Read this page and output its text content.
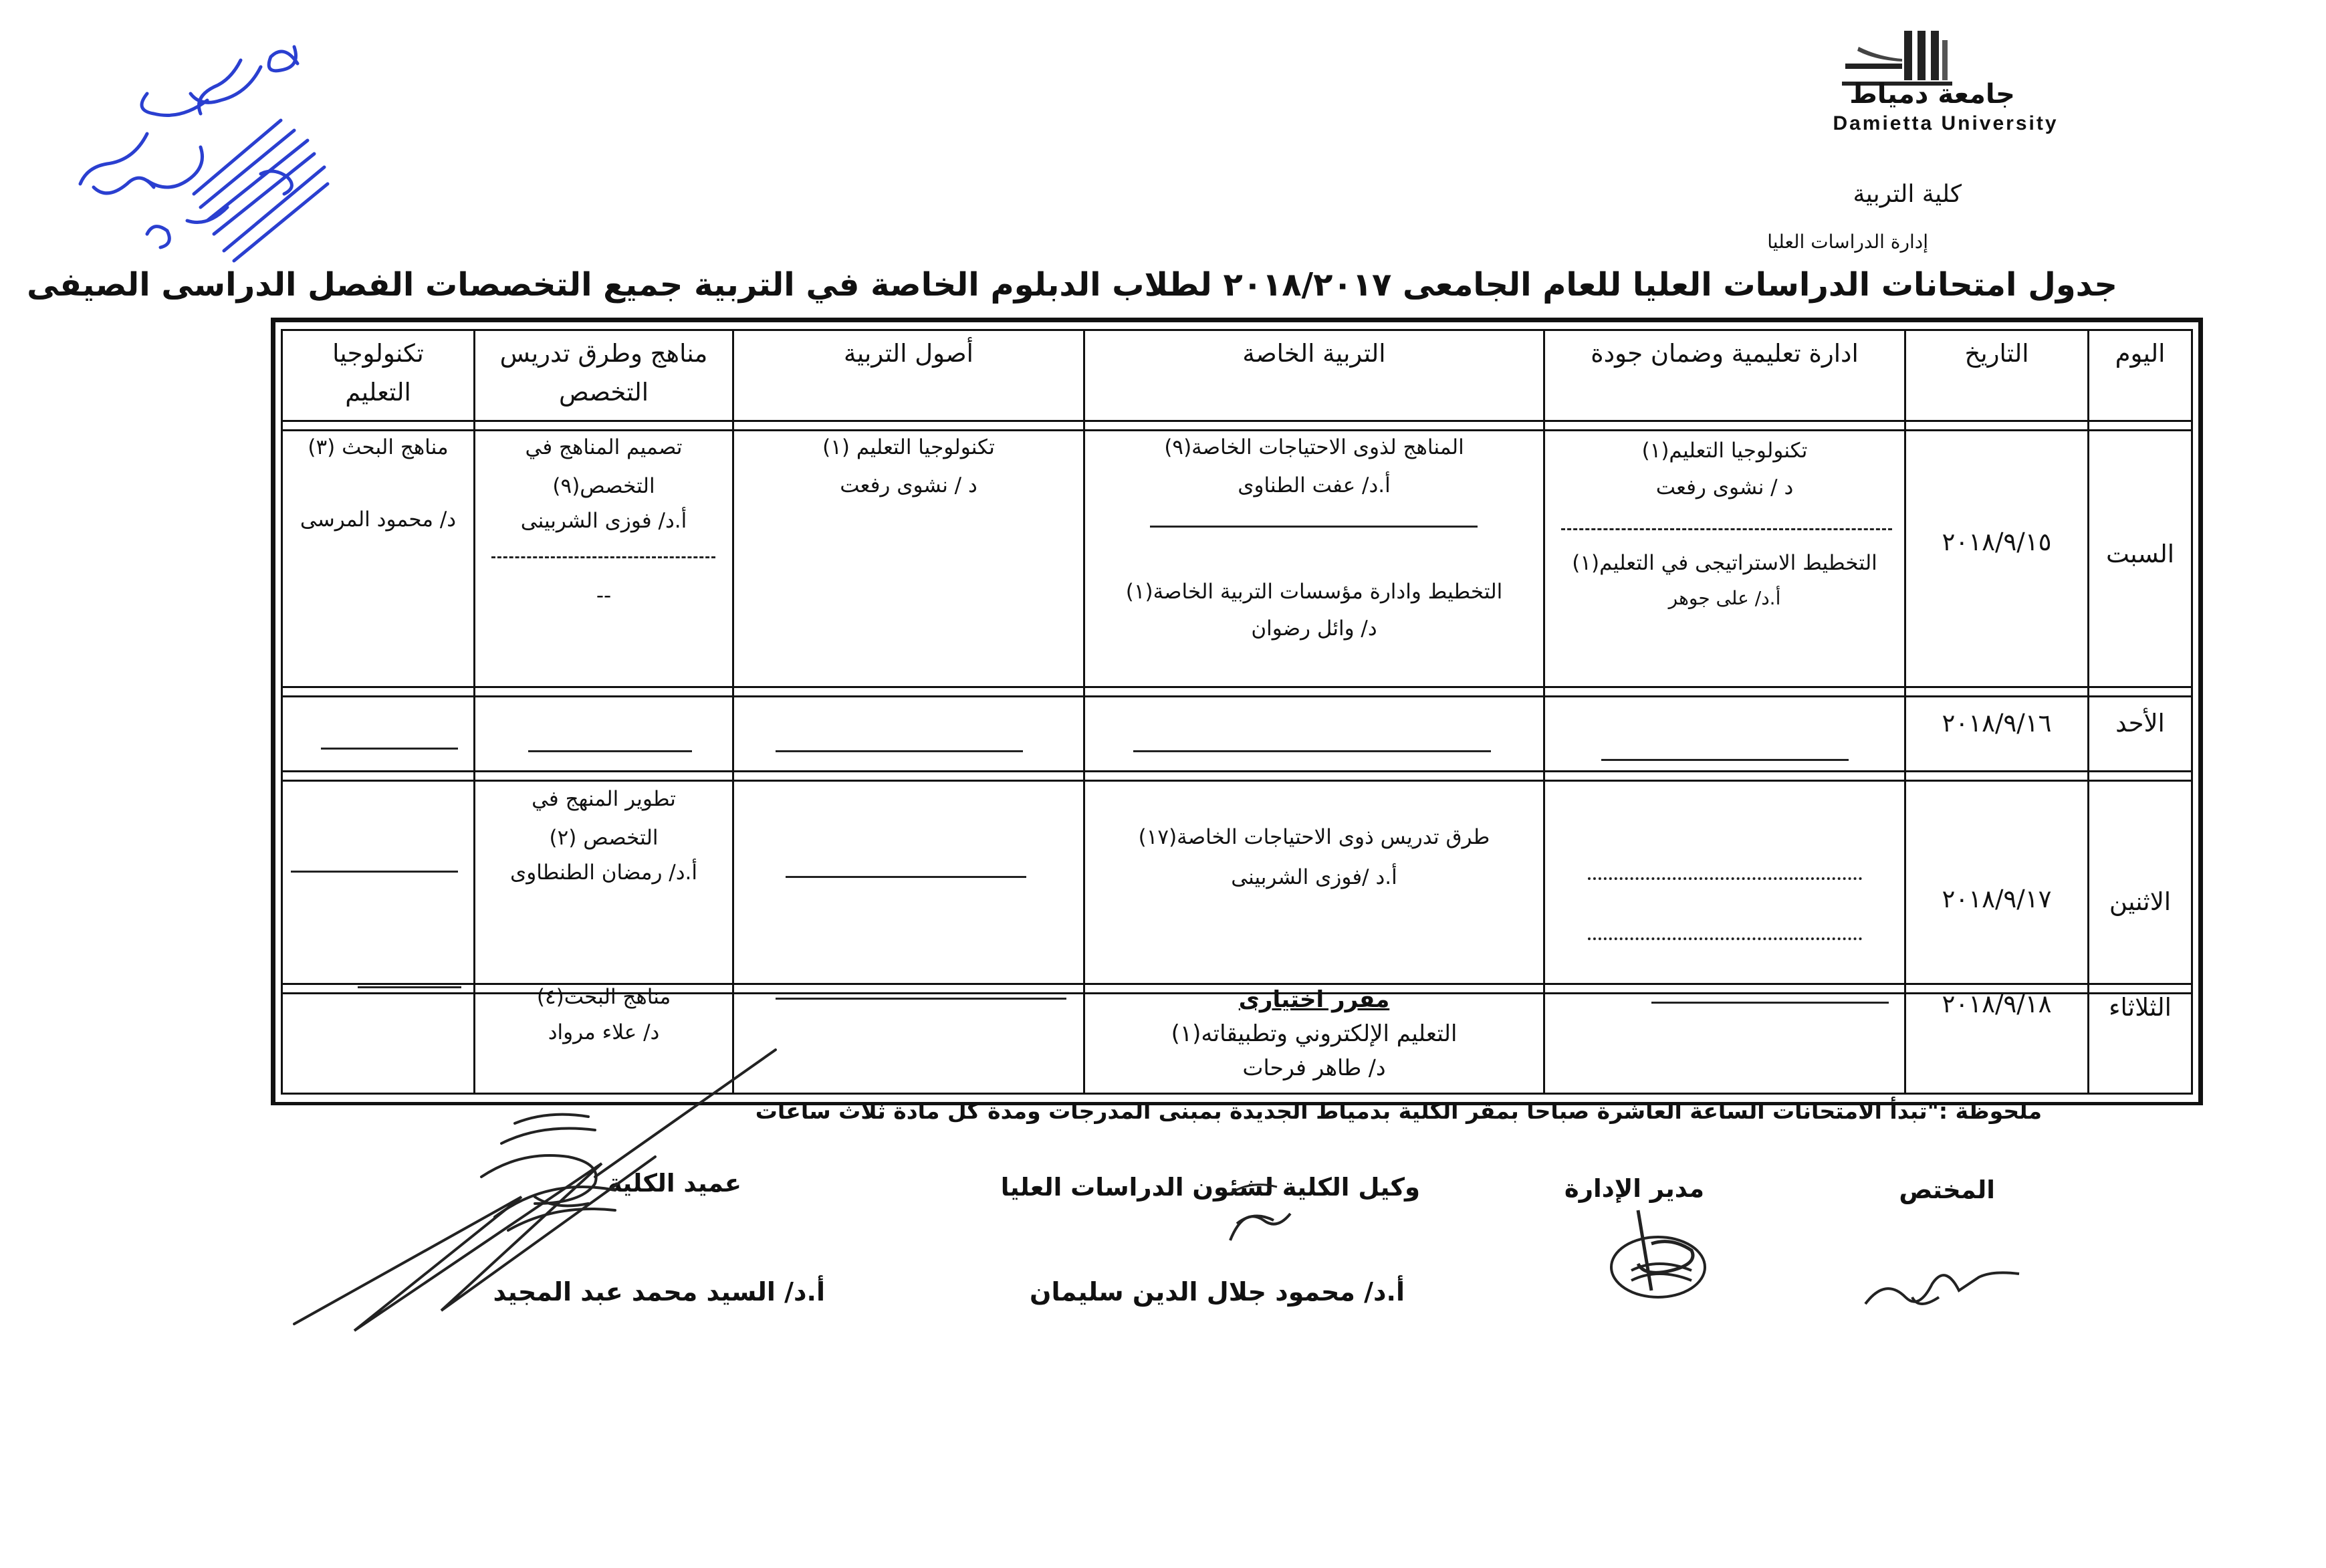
جامعة دمياط
Damietta University
كلية التربية
إدارة الدراسات العليا
جدول امتحانات الدراسات العليا للعام الجامعى ٢٠١٨/٢٠١٧ لطلاب الدبلوم الخاصة في التربية جميع التخصصات الفصل الدراسى الصيفى
اليوم
التاريخ
ادارة تعليمية وضمان جودة
التربية الخاصة
أصول التربية
مناهج وطرق تدريس التخصص
تكنولوجيا التعليم
السبت
٢٠١٨/٩/١٥
تكنولوجيا التعليم(١)
د / نشوى رفعت
التخطيط الاستراتيجى في التعليم(١)
أ.د/ على جوهر
المناهج لذوى الاحتياجات الخاصة(٩)
أ.د/ عفت الطناوى
التخطيط وادارة مؤسسات التربية الخاصة(١)
د/ وائل رضوان
تكنولوجيا التعليم (١)
د / نشوى رفعت
تصميم المناهج في التخصص(٩)
أ.د/ فوزى الشربينى
--
مناهج البحث (٣)
د/ محمود المرسى
الأحد
٢٠١٨/٩/١٦
الاثنين
٢٠١٨/٩/١٧
طرق تدريس ذوى الاحتياجات الخاصة(١٧)
أ.د /فوزى الشربينى
تطوير المنهج في التخصص (٢)
أ.د/ رمضان الطنطاوى
الثلاثاء
٢٠١٨/٩/١٨
مقرر اختيارى
التعليم الإلكتروني وتطبيقاته(١)
د/ طاهر فرحات
مناهج البحث(٤)
د/ علاء مرواد
ملحوظة :"تبدأ الامتحانات الساعة العاشرة صباحا بمقر الكلية بدمياط الجديدة بمبنى المدرجات ومدة كل مادة ثلاث ساعات
المختص
مدير الإدارة
وكيل الكلية لشئون الدراسات العليا
عميد الكلية
أ.د/ محمود جلال الدين سليمان
أ.د/ السيد محمد عبد المجيد
